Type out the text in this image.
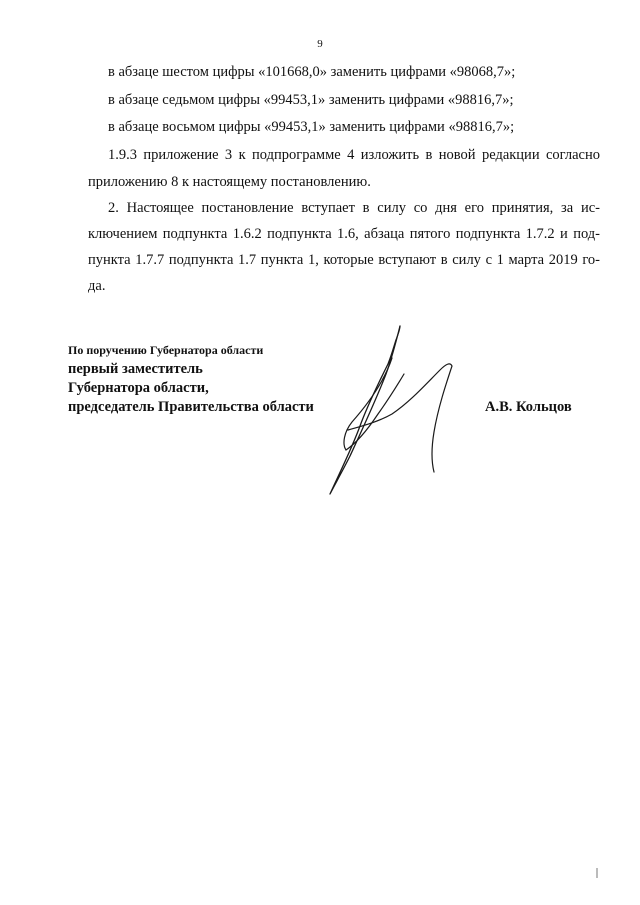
9
в абзаце шестом цифры «101668,0» заменить цифрами «98068,7»;
в абзаце седьмом цифры «99453,1» заменить цифрами «98816,7»;
в абзаце восьмом цифры «99453,1» заменить цифрами «98816,7»;
1.9.3 приложение 3 к подпрограмме 4 изложить в новой редакции согласно
приложению 8 к настоящему постановлению.
2. Настоящее постановление вступает в силу со дня его принятия, за ис-
ключением подпункта 1.6.2 подпункта 1.6, абзаца пятого подпункта 1.7.2 и под-
пункта 1.7.7 подпункта 1.7 пункта 1, которые вступают в силу с 1 марта 2019 го-
да.
По поручению Губернатора области
первый заместитель
Губернатора области,
председатель Правительства области	А.В. Кольцов
